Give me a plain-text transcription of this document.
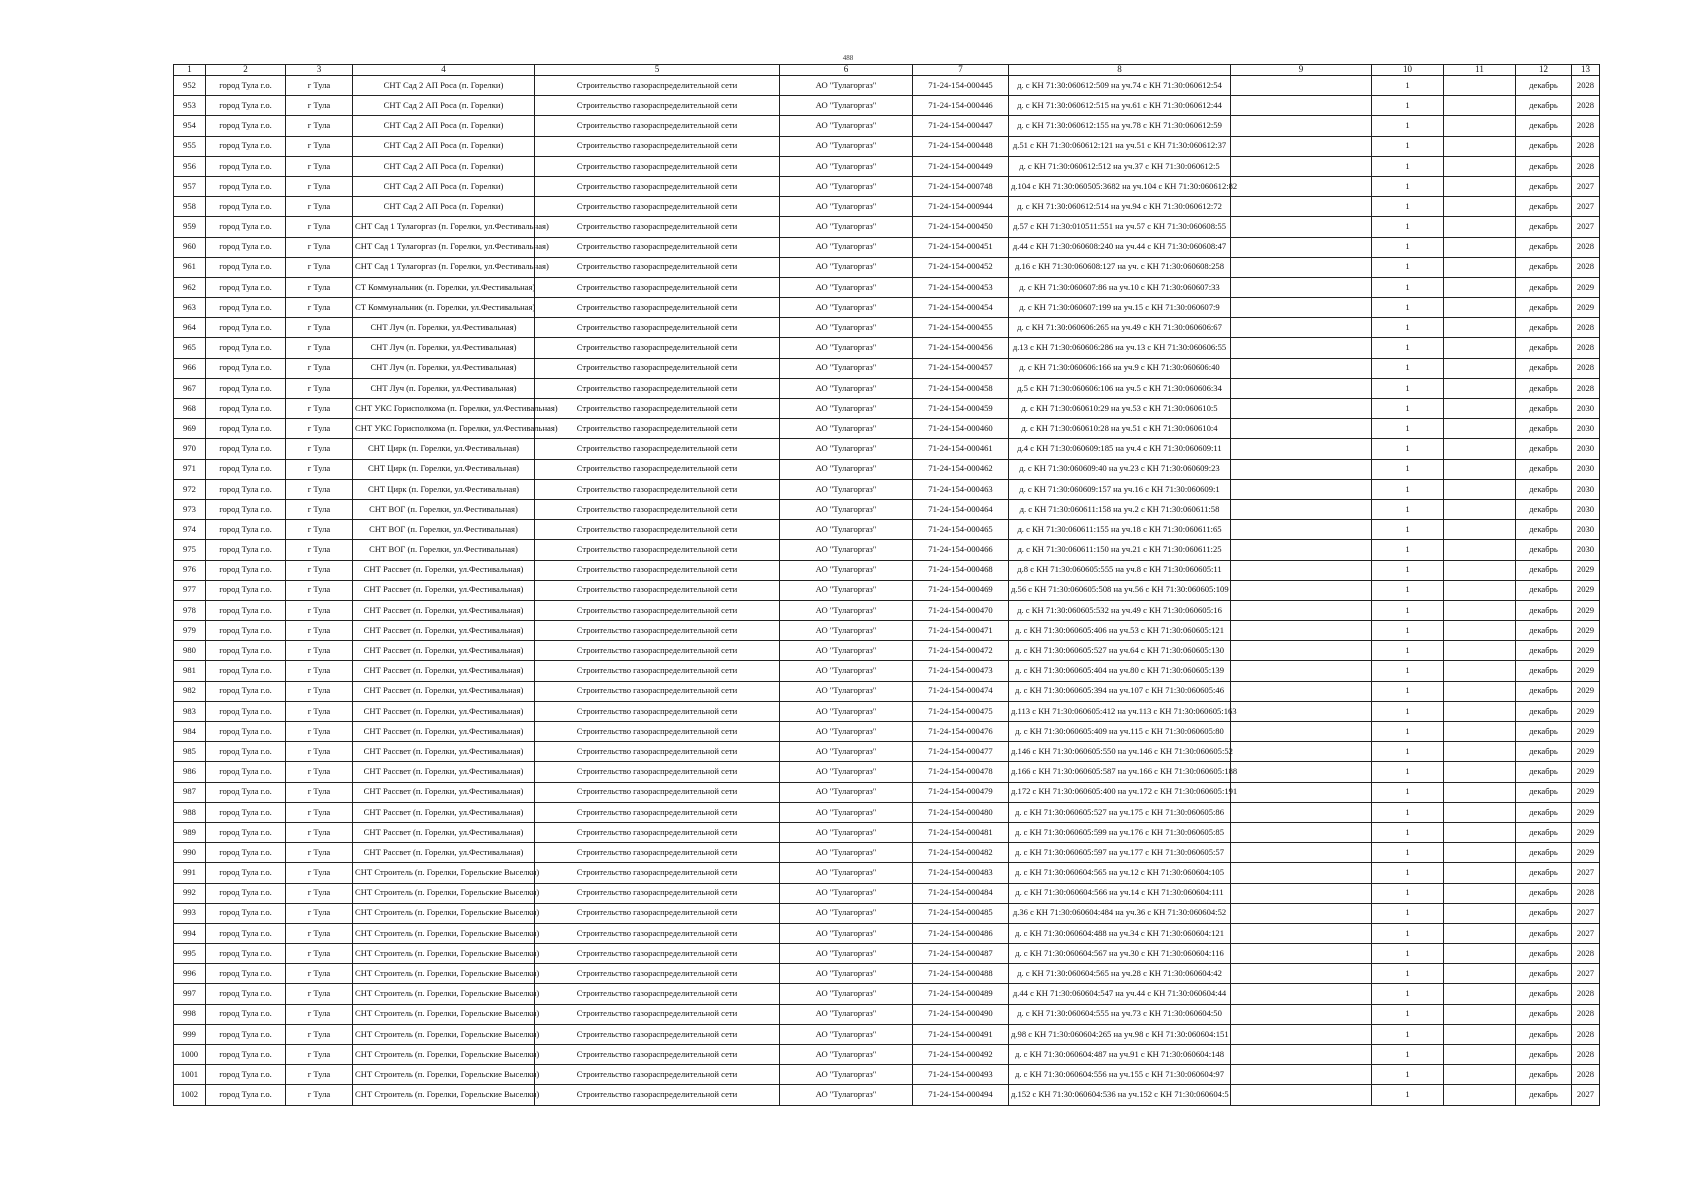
488
1	2	3	4	5	6	7	8	9	10	11	12	13
952	город Тула г.о.	г Тула	СНТ Сад 2 АП Роса (п. Горелки)	Строительство газораспределительной сети	АО "Тулагоргаз"	71-24-154-000445	д. с КН 71:30:060612:509 на уч.74 с КН 71:30:060612:54		1		декабрь	2028
953	город Тула г.о.	г Тула	СНТ Сад 2 АП Роса (п. Горелки)	Строительство газораспределительной сети	АО "Тулагоргаз"	71-24-154-000446	д. с КН 71:30:060612:515 на уч.61 с КН 71:30:060612:44		1		декабрь	2028
954	город Тула г.о.	г Тула	СНТ Сад 2 АП Роса (п. Горелки)	Строительство газораспределительной сети	АО "Тулагоргаз"	71-24-154-000447	д. с КН 71:30:060612:155 на уч.78 с КН 71:30:060612:59		1		декабрь	2028
955	город Тула г.о.	г Тула	СНТ Сад 2 АП Роса (п. Горелки)	Строительство газораспределительной сети	АО "Тулагоргаз"	71-24-154-000448	д.51 с КН 71:30:060612:121 на уч.51 с КН 71:30:060612:37		1		декабрь	2028
956	город Тула г.о.	г Тула	СНТ Сад 2 АП Роса (п. Горелки)	Строительство газораспределительной сети	АО "Тулагоргаз"	71-24-154-000449	д. с КН 71:30:060612:512 на уч.37 с КН 71:30:060612:5		1		декабрь	2028
957	город Тула г.о.	г Тула	СНТ Сад 2 АП Роса (п. Горелки)	Строительство газораспределительной сети	АО "Тулагоргаз"	71-24-154-000748	д.104 с КН 71:30:060505:3682 на уч.104 с КН 71:30:060612:82		1		декабрь	2027
958	город Тула г.о.	г Тула	СНТ Сад 2 АП Роса (п. Горелки)	Строительство газораспределительной сети	АО "Тулагоргаз"	71-24-154-000944	д. с КН 71:30:060612:514 на уч.94 с КН 71:30:060612:72		1		декабрь	2027
959	город Тула г.о.	г Тула	СНТ Сад 1 Тулагоргаз (п. Горелки, ул.Фестивальная)	Строительство газораспределительной сети	АО "Тулагоргаз"	71-24-154-000450	д.57 с КН 71:30:010511:551 на уч.57 с КН 71:30:060608:55		1		декабрь	2027
960	город Тула г.о.	г Тула	СНТ Сад 1 Тулагоргаз (п. Горелки, ул.Фестивальная)	Строительство газораспределительной сети	АО "Тулагоргаз"	71-24-154-000451	д.44 с КН 71:30:060608:240 на уч.44 с КН 71:30:060608:47		1		декабрь	2028
961	город Тула г.о.	г Тула	СНТ Сад 1 Тулагоргаз (п. Горелки, ул.Фестивальная)	Строительство газораспределительной сети	АО "Тулагоргаз"	71-24-154-000452	д.16 с КН 71:30:060608:127 на уч. с КН 71:30:060608:258		1		декабрь	2028
962	город Тула г.о.	г Тула	СТ Коммунальник (п. Горелки, ул.Фестивальная)	Строительство газораспределительной сети	АО "Тулагоргаз"	71-24-154-000453	д. с КН 71:30:060607:86 на уч.10 с КН 71:30:060607:33		1		декабрь	2029
963	город Тула г.о.	г Тула	СТ Коммунальник (п. Горелки, ул.Фестивальная)	Строительство газораспределительной сети	АО "Тулагоргаз"	71-24-154-000454	д. с КН 71:30:060607:199 на уч.15 с КН 71:30:060607:9		1		декабрь	2029
964	город Тула г.о.	г Тула	СНТ Луч (п. Горелки, ул.Фестивальная)	Строительство газораспределительной сети	АО "Тулагоргаз"	71-24-154-000455	д. с КН 71:30:060606:265 на уч.49 с КН 71:30:060606:67		1		декабрь	2028
965	город Тула г.о.	г Тула	СНТ Луч (п. Горелки, ул.Фестивальная)	Строительство газораспределительной сети	АО "Тулагоргаз"	71-24-154-000456	д.13 с КН 71:30:060606:286 на уч.13 с КН 71:30:060606:55		1		декабрь	2028
966	город Тула г.о.	г Тула	СНТ Луч (п. Горелки, ул.Фестивальная)	Строительство газораспределительной сети	АО "Тулагоргаз"	71-24-154-000457	д. с КН 71:30:060606:166 на уч.9 с КН 71:30:060606:40		1		декабрь	2028
967	город Тула г.о.	г Тула	СНТ Луч (п. Горелки, ул.Фестивальная)	Строительство газораспределительной сети	АО "Тулагоргаз"	71-24-154-000458	д.5 с КН 71:30:060606:106 на уч.5 с КН 71:30:060606:34		1		декабрь	2028
968	город Тула г.о.	г Тула	СНТ УКС Горисполкома (п. Горелки, ул.Фестивальная)	Строительство газораспределительной сети	АО "Тулагоргаз"	71-24-154-000459	д. с КН 71:30:060610:29 на уч.53 с КН 71:30:060610:5		1		декабрь	2030
969	город Тула г.о.	г Тула	СНТ УКС Горисполкома (п. Горелки, ул.Фестивальная)	Строительство газораспределительной сети	АО "Тулагоргаз"	71-24-154-000460	д. с КН 71:30:060610:28 на уч.51 с КН 71:30:060610:4		1		декабрь	2030
970	город Тула г.о.	г Тула	СНТ Цирк (п. Горелки, ул.Фестивальная)	Строительство газораспределительной сети	АО "Тулагоргаз"	71-24-154-000461	д.4 с КН 71:30:060609:185 на уч.4 с КН 71:30:060609:11		1		декабрь	2030
971	город Тула г.о.	г Тула	СНТ Цирк (п. Горелки, ул.Фестивальная)	Строительство газораспределительной сети	АО "Тулагоргаз"	71-24-154-000462	д. с КН 71:30:060609:40 на уч.23 с КН 71:30:060609:23		1		декабрь	2030
972	город Тула г.о.	г Тула	СНТ Цирк (п. Горелки, ул.Фестивальная)	Строительство газораспределительной сети	АО "Тулагоргаз"	71-24-154-000463	д. с КН 71:30:060609:157 на уч.16 с КН 71:30:060609:1		1		декабрь	2030
973	город Тула г.о.	г Тула	СНТ ВОГ (п. Горелки, ул.Фестивальная)	Строительство газораспределительной сети	АО "Тулагоргаз"	71-24-154-000464	д. с КН 71:30:060611:158 на уч.2 с КН 71:30:060611:58		1		декабрь	2030
974	город Тула г.о.	г Тула	СНТ ВОГ (п. Горелки, ул.Фестивальная)	Строительство газораспределительной сети	АО "Тулагоргаз"	71-24-154-000465	д. с КН 71:30:060611:155 на уч.18 с КН 71:30:060611:65		1		декабрь	2030
975	город Тула г.о.	г Тула	СНТ ВОГ (п. Горелки, ул.Фестивальная)	Строительство газораспределительной сети	АО "Тулагоргаз"	71-24-154-000466	д. с КН 71:30:060611:150 на уч.21 с КН 71:30:060611:25		1		декабрь	2030
976	город Тула г.о.	г Тула	СНТ Рассвет (п. Горелки, ул.Фестивальная)	Строительство газораспределительной сети	АО "Тулагоргаз"	71-24-154-000468	д.8 с КН 71:30:060605:555 на уч.8 с КН 71:30:060605:11		1		декабрь	2029
977	город Тула г.о.	г Тула	СНТ Рассвет (п. Горелки, ул.Фестивальная)	Строительство газораспределительной сети	АО "Тулагоргаз"	71-24-154-000469	д.56 с КН 71:30:060605:508 на уч.56 с КН 71:30:060605:109		1		декабрь	2029
978	город Тула г.о.	г Тула	СНТ Рассвет (п. Горелки, ул.Фестивальная)	Строительство газораспределительной сети	АО "Тулагоргаз"	71-24-154-000470	д. с КН 71:30:060605:532 на уч.49 с КН 71:30:060605:16		1		декабрь	2029
979	город Тула г.о.	г Тула	СНТ Рассвет (п. Горелки, ул.Фестивальная)	Строительство газораспределительной сети	АО "Тулагоргаз"	71-24-154-000471	д. с КН 71:30:060605:406 на уч.53 с КН 71:30:060605:121		1		декабрь	2029
980	город Тула г.о.	г Тула	СНТ Рассвет (п. Горелки, ул.Фестивальная)	Строительство газораспределительной сети	АО "Тулагоргаз"	71-24-154-000472	д. с КН 71:30:060605:527 на уч.64 с КН 71:30:060605:130		1		декабрь	2029
981	город Тула г.о.	г Тула	СНТ Рассвет (п. Горелки, ул.Фестивальная)	Строительство газораспределительной сети	АО "Тулагоргаз"	71-24-154-000473	д. с КН 71:30:060605:404 на уч.80 с КН 71:30:060605:139		1		декабрь	2029
982	город Тула г.о.	г Тула	СНТ Рассвет (п. Горелки, ул.Фестивальная)	Строительство газораспределительной сети	АО "Тулагоргаз"	71-24-154-000474	д. с КН 71:30:060605:394 на уч.107 с КН 71:30:060605:46		1		декабрь	2029
983	город Тула г.о.	г Тула	СНТ Рассвет (п. Горелки, ул.Фестивальная)	Строительство газораспределительной сети	АО "Тулагоргаз"	71-24-154-000475	д.113 с КН 71:30:060605:412 на уч.113 с КН 71:30:060605:163		1		декабрь	2029
984	город Тула г.о.	г Тула	СНТ Рассвет (п. Горелки, ул.Фестивальная)	Строительство газораспределительной сети	АО "Тулагоргаз"	71-24-154-000476	д. с КН 71:30:060605:409 на уч.115 с КН 71:30:060605:80		1		декабрь	2029
985	город Тула г.о.	г Тула	СНТ Рассвет (п. Горелки, ул.Фестивальная)	Строительство газораспределительной сети	АО "Тулагоргаз"	71-24-154-000477	д.146 с КН 71:30:060605:550 на уч.146 с КН 71:30:060605:52		1		декабрь	2029
986	город Тула г.о.	г Тула	СНТ Рассвет (п. Горелки, ул.Фестивальная)	Строительство газораспределительной сети	АО "Тулагоргаз"	71-24-154-000478	д.166 с КН 71:30:060605:587 на уч.166 с КН 71:30:060605:188		1		декабрь	2029
987	город Тула г.о.	г Тула	СНТ Рассвет (п. Горелки, ул.Фестивальная)	Строительство газораспределительной сети	АО "Тулагоргаз"	71-24-154-000479	д.172 с КН 71:30:060605:400 на уч.172 с КН 71:30:060605:191		1		декабрь	2029
988	город Тула г.о.	г Тула	СНТ Рассвет (п. Горелки, ул.Фестивальная)	Строительство газораспределительной сети	АО "Тулагоргаз"	71-24-154-000480	д. с КН 71:30:060605:527 на уч.175 с КН 71:30:060605:86		1		декабрь	2029
989	город Тула г.о.	г Тула	СНТ Рассвет (п. Горелки, ул.Фестивальная)	Строительство газораспределительной сети	АО "Тулагоргаз"	71-24-154-000481	д. с КН 71:30:060605:599 на уч.176 с КН 71:30:060605:85		1		декабрь	2029
990	город Тула г.о.	г Тула	СНТ Рассвет (п. Горелки, ул.Фестивальная)	Строительство газораспределительной сети	АО "Тулагоргаз"	71-24-154-000482	д. с КН 71:30:060605:597 на уч.177 с КН 71:30:060605:57		1		декабрь	2029
991	город Тула г.о.	г Тула	СНТ Строитель (п. Горелки, Горельские Выселки)	Строительство газораспределительной сети	АО "Тулагоргаз"	71-24-154-000483	д. с КН 71:30:060604:565 на уч.12 с КН 71:30:060604:105		1		декабрь	2027
992	город Тула г.о.	г Тула	СНТ Строитель (п. Горелки, Горельские Выселки)	Строительство газораспределительной сети	АО "Тулагоргаз"	71-24-154-000484	д. с КН 71:30:060604:566 на уч.14 с КН 71:30:060604:111		1		декабрь	2028
993	город Тула г.о.	г Тула	СНТ Строитель (п. Горелки, Горельские Выселки)	Строительство газораспределительной сети	АО "Тулагоргаз"	71-24-154-000485	д.36 с КН 71:30:060604:484 на уч.36 с КН 71:30:060604:52		1		декабрь	2027
994	город Тула г.о.	г Тула	СНТ Строитель (п. Горелки, Горельские Выселки)	Строительство газораспределительной сети	АО "Тулагоргаз"	71-24-154-000486	д. с КН 71:30:060604:488 на уч.34 с КН 71:30:060604:121		1		декабрь	2027
995	город Тула г.о.	г Тула	СНТ Строитель (п. Горелки, Горельские Выселки)	Строительство газораспределительной сети	АО "Тулагоргаз"	71-24-154-000487	д. с КН 71:30:060604:567 на уч.30 с КН 71:30:060604:116		1		декабрь	2028
996	город Тула г.о.	г Тула	СНТ Строитель (п. Горелки, Горельские Выселки)	Строительство газораспределительной сети	АО "Тулагоргаз"	71-24-154-000488	д. с КН 71:30:060604:565 на уч.28 с КН 71:30:060604:42		1		декабрь	2027
997	город Тула г.о.	г Тула	СНТ Строитель (п. Горелки, Горельские Выселки)	Строительство газораспределительной сети	АО "Тулагоргаз"	71-24-154-000489	д.44 с КН 71:30:060604:547 на уч.44 с КН 71:30:060604:44		1		декабрь	2028
998	город Тула г.о.	г Тула	СНТ Строитель (п. Горелки, Горельские Выселки)	Строительство газораспределительной сети	АО "Тулагоргаз"	71-24-154-000490	д. с КН 71:30:060604:555 на уч.73 с КН 71:30:060604:50		1		декабрь	2028
999	город Тула г.о.	г Тула	СНТ Строитель (п. Горелки, Горельские Выселки)	Строительство газораспределительной сети	АО "Тулагоргаз"	71-24-154-000491	д.98 с КН 71:30:060604:265 на уч.98 с КН 71:30:060604:151		1		декабрь	2028
1000	город Тула г.о.	г Тула	СНТ Строитель (п. Горелки, Горельские Выселки)	Строительство газораспределительной сети	АО "Тулагоргаз"	71-24-154-000492	д. с КН 71:30:060604:487 на уч.91 с КН 71:30:060604:148		1		декабрь	2028
1001	город Тула г.о.	г Тула	СНТ Строитель (п. Горелки, Горельские Выселки)	Строительство газораспределительной сети	АО "Тулагоргаз"	71-24-154-000493	д. с КН 71:30:060604:556 на уч.155 с КН 71:30:060604:97		1		декабрь	2028
1002	город Тула г.о.	г Тула	СНТ Строитель (п. Горелки, Горельские Выселки)	Строительство газораспределительной сети	АО "Тулагоргаз"	71-24-154-000494	д.152 с КН 71:30:060604:536 на уч.152 с КН 71:30:060604:5		1		декабрь	2027
